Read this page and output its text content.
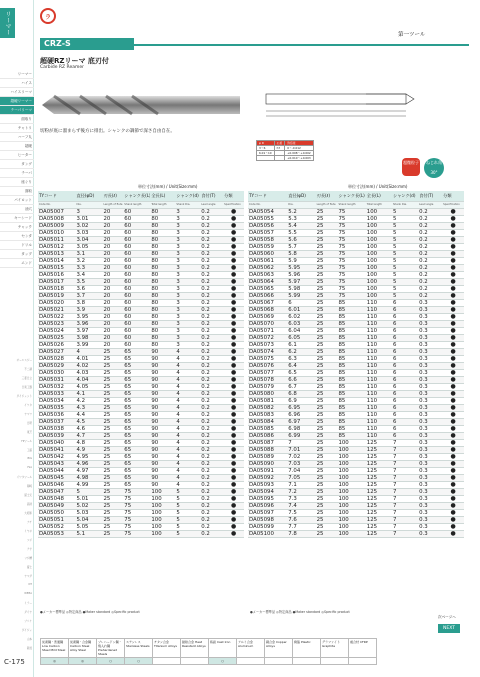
リーマー
リーマー
ハイス
ハイスリーマ
超硬リーマー
テーパリーマ
面取り
チャトリ
ハーフ丸
超硬
ヒーター
タング
テーパ
座ぐり
面取
パイロット
油穴
キーシード
チャック
センタ
ドリル
タップ
エンド
オーエスジー
不二越
三菱日立
日東工器
ダイジェット
イワタ
ヤマワ
日研
東芝
FPツール
工藤
BIG
YSA
イワタツール
岡崎
富士元
高速
大昭和
ナチ
ミヤギ
フジ
アサ
フジ精
富士
ヤマダ
NT
WEBA
ミラー
ダイヤ
プリケ
ダイジェ
山本
新潟
C-175
ラ
第一ツール
CRZ-S
超硬RZリーマ 底刃付
Carbide RZ Reamer
切粉が底に溜まらず後方に排出。シャンクの調節で深さ自由自在。
φ D	公差	許容差
3～6	h7	0～-0.012
6.01～10		+0.008～+0.002
		+0.010～+0.003
超微粒子	ねじれ角30°
単位寸法(mm) / Unit(Size:mm)	単位寸法(mm) / Unit(Size:mm)
TYコード	直径(φD)	刃長(ℓ)	シャンク長(L)	全長(L)	シャンク(d)	食付(T)	分類
Code No.	Dia.	Length of flute	Shank length	Total length	Shank Dia.	Lead angle	Specification
DA05007	3	20	60	80	3	0.2	●
DA05008	3.01	20	60	80	3	0.2	●
DA05009	3.02	20	60	80	3	0.2	●
DA05010	3.03	20	60	80	3	0.2	●
DA05011	3.04	20	60	80	3	0.2	●
DA05012	3.05	20	60	80	3	0.2	●
DA05013	3.1	20	60	80	3	0.2	●
DA05014	3.2	20	60	80	3	0.2	●
DA05015	3.3	20	60	80	3	0.2	●
DA05016	3.4	20	60	80	3	0.2	●
DA05017	3.5	20	60	80	3	0.2	●
DA05018	3.6	20	60	80	3	0.2	●
DA05019	3.7	20	60	80	3	0.2	●
DA05020	3.8	20	60	80	3	0.2	●
DA05021	3.9	20	60	80	3	0.2	●
DA05022	3.95	20	60	80	3	0.2	●
DA05023	3.96	20	60	80	3	0.2	●
DA05024	3.97	20	60	80	3	0.2	●
DA05025	3.98	20	60	80	3	0.2	●
DA05026	3.99	20	60	80	3	0.2	●
DA05027	4	25	65	90	4	0.2	●
DA05028	4.01	25	65	90	4	0.2	●
DA05029	4.02	25	65	90	4	0.2	●
DA05030	4.03	25	65	90	4	0.2	●
DA05031	4.04	25	65	90	4	0.2	●
DA05032	4.05	25	65	90	4	0.2	●
DA05033	4.1	25	65	90	4	0.2	●
DA05034	4.2	25	65	90	4	0.2	●
DA05035	4.3	25	65	90	4	0.2	●
DA05036	4.4	25	65	90	4	0.2	●
DA05037	4.5	25	65	90	4	0.2	●
DA05038	4.6	25	65	90	4	0.2	●
DA05039	4.7	25	65	90	4	0.2	●
DA05040	4.8	25	65	90	4	0.2	●
DA05041	4.9	25	65	90	4	0.2	●
DA05042	4.95	25	65	90	4	0.2	●
DA05043	4.96	25	65	90	4	0.2	●
DA05044	4.97	25	65	90	4	0.2	●
DA05045	4.98	25	65	90	4	0.2	●
DA05046	4.99	25	65	90	4	0.2	●
DA05047	5	25	75	100	5	0.2	●
DA05048	5.01	25	75	100	5	0.2	●
DA05049	5.02	25	75	100	5	0.2	●
DA05050	5.03	25	75	100	5	0.2	●
DA05051	5.04	25	75	100	5	0.2	●
DA05052	5.05	25	75	100	5	0.2	●
DA05053	5.1	25	75	100	5	0.2	●
TYコード	直径(φD)	刃長(ℓ)	シャンク長(L)	全長(L)	シャンク(d)	食付(T)	分類
Code No.	Dia.	Length of flute	Shank length	Total length	Shank Dia.	Lead angle	Specification
DA05054	5.2	25	75	100	5	0.2	●
DA05055	5.3	25	75	100	5	0.2	●
DA05056	5.4	25	75	100	5	0.2	●
DA05057	5.5	25	75	100	5	0.2	●
DA05058	5.6	25	75	100	5	0.2	●
DA05059	5.7	25	75	100	5	0.2	●
DA05060	5.8	25	75	100	5	0.2	●
DA05061	5.9	25	75	100	5	0.2	●
DA05062	5.95	25	75	100	5	0.2	●
DA05063	5.96	25	75	100	5	0.2	●
DA05064	5.97	25	75	100	5	0.2	●
DA05065	5.98	25	75	100	5	0.2	●
DA05066	5.99	25	75	100	5	0.2	●
DA05067	6	25	85	110	6	0.3	●
DA05068	6.01	25	85	110	6	0.3	●
DA05069	6.02	25	85	110	6	0.3	●
DA05070	6.03	25	85	110	6	0.3	●
DA05071	6.04	25	85	110	6	0.3	●
DA05072	6.05	25	85	110	6	0.3	●
DA05073	6.1	25	85	110	6	0.3	●
DA05074	6.2	25	85	110	6	0.3	●
DA05075	6.3	25	85	110	6	0.3	●
DA05076	6.4	25	85	110	6	0.3	●
DA05077	6.5	25	85	110	6	0.3	●
DA05078	6.6	25	85	110	6	0.3	●
DA05079	6.7	25	85	110	6	0.3	●
DA05080	6.8	25	85	110	6	0.3	●
DA05081	6.9	25	85	110	6	0.3	●
DA05082	6.95	25	85	110	6	0.3	●
DA05083	6.96	25	85	110	6	0.3	●
DA05084	6.97	25	85	110	6	0.3	●
DA05085	6.98	25	85	110	6	0.3	●
DA05086	6.99	25	85	110	6	0.3	●
DA05087	7	25	100	125	7	0.3	●
DA05088	7.01	25	100	125	7	0.3	●
DA05089	7.02	25	100	125	7	0.3	●
DA05090	7.03	25	100	125	7	0.3	●
DA05091	7.04	25	100	125	7	0.3	●
DA05092	7.05	25	100	125	7	0.3	●
DA05093	7.1	25	100	125	7	0.3	●
DA05094	7.2	25	100	125	7	0.3	●
DA05095	7.3	25	100	125	7	0.3	●
DA05096	7.4	25	100	125	7	0.3	●
DA05097	7.5	25	100	125	7	0.3	●
DA05098	7.6	25	100	125	7	0.3	●
DA05099	7.7	25	100	125	7	0.3	●
DA05100	7.8	25	100	125	7	0.3	●
●メーカー標準品 ◎特定商品 ●Maker standard ◎Specific product	●メーカー標準品 ◎特定商品 ●Maker standard ◎Specific product
次ページへ
NEXT
炭素鋼・普通鋼 Low Carbon Steel Mild Steel	炭素鋼・合金鋼 Carbon Steel Alloy Steel	プレハードン鋼・焼入れ鋼 Prehardened Steels	ステンレス Stainless Steels	チタン合金 Titanium Alloys	耐熱合金 Heat Resistant Alloys	鋳鉄 Cast Iron	アルミ合金 Aluminum	銅合金 Copper Alloys	樹脂 Plastic	グラファイト Graphite	複合材 CFRP
◎	◎	○	○			○					
